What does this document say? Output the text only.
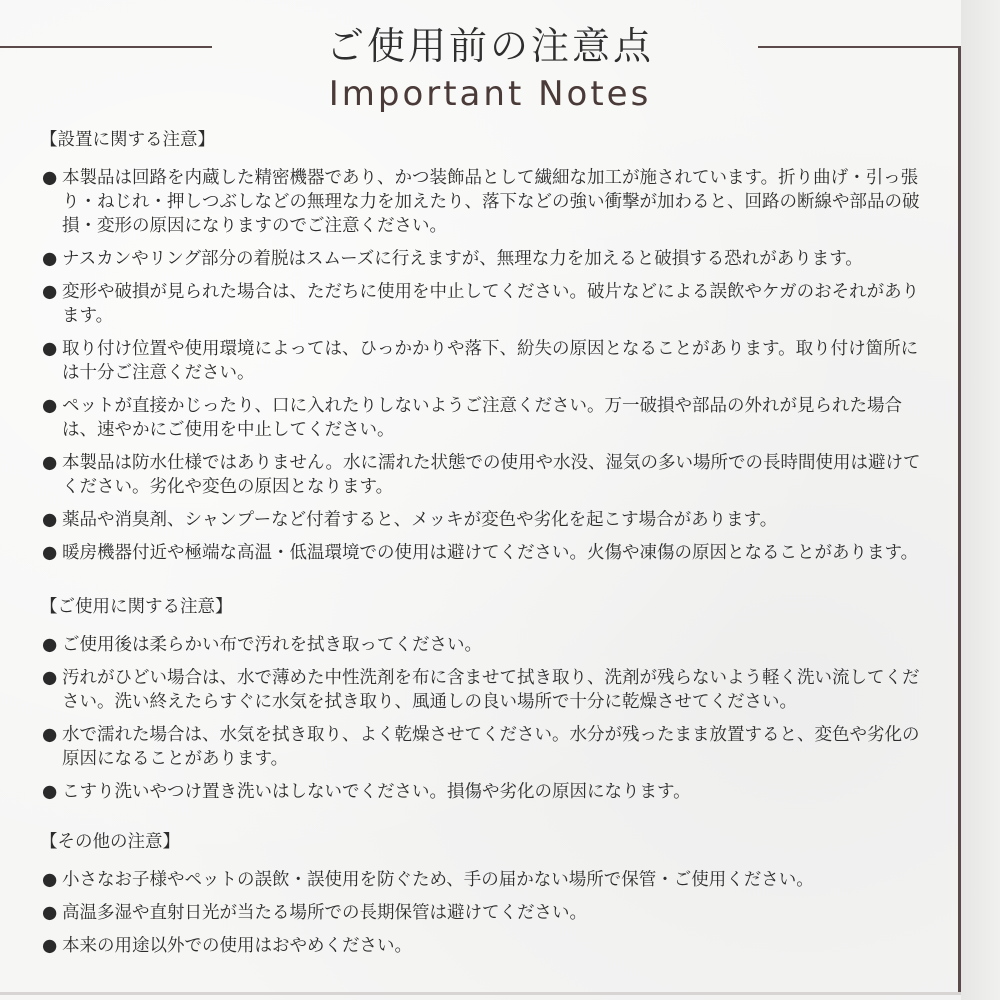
ご使用前の注意点
Important Notes
【設置に関する注意】
● 本製品は回路を内蔵した精密機器であり、かつ装飾品として繊細な加工が施されています。折り曲げ・引っ張り・ねじれ・押しつぶしなどの無理な力を加えたり、落下などの強い衝撃が加わると、回路の断線や部品の破損・変形の原因になりますのでご注意ください。
● ナスカンやリング部分の着脱はスムーズに行えますが、無理な力を加えると破損する恐れがあります。
● 変形や破損が見られた場合は、ただちに使用を中止してください。破片などによる誤飲やケガのおそれがあります。
● 取り付け位置や使用環境によっては、ひっかかりや落下、紛失の原因となることがあります。取り付け箇所には十分ご注意ください。
● ペットが直接かじったり、口に入れたりしないようご注意ください。万一破損や部品の外れが見られた場合は、速やかにご使用を中止してください。
● 本製品は防水仕様ではありません。水に濡れた状態での使用や水没、湿気の多い場所での長時間使用は避けてください。劣化や変色の原因となります。
● 薬品や消臭剤、シャンプーなど付着すると、メッキが変色や劣化を起こす場合があります。
● 暖房機器付近や極端な高温・低温環境での使用は避けてください。火傷や凍傷の原因となることがあります。
【ご使用に関する注意】
● ご使用後は柔らかい布で汚れを拭き取ってください。
● 汚れがひどい場合は、水で薄めた中性洗剤を布に含ませて拭き取り、洗剤が残らないよう軽く洗い流してください。洗い終えたらすぐに水気を拭き取り、風通しの良い場所で十分に乾燥させてください。
● 水で濡れた場合は、水気を拭き取り、よく乾燥させてください。水分が残ったまま放置すると、変色や劣化の原因になることがあります。
● こすり洗いやつけ置き洗いはしないでください。損傷や劣化の原因になります。
【その他の注意】
● 小さなお子様やペットの誤飲・誤使用を防ぐため、手の届かない場所で保管・ご使用ください。
● 高温多湿や直射日光が当たる場所での長期保管は避けてください。
● 本来の用途以外での使用はおやめください。
